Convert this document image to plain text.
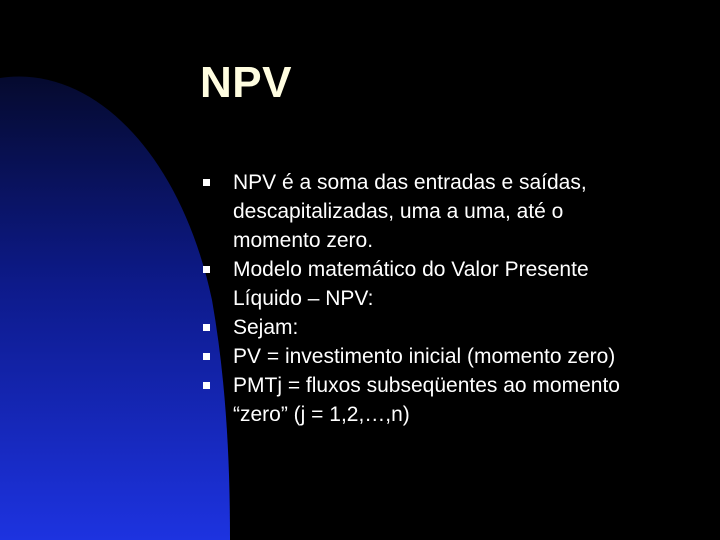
NPV
NPV é a soma das entradas e saídas,
descapitalizadas, uma a uma, até o
momento zero.
Modelo matemático do Valor Presente
Líquido – NPV:
Sejam:
PV = investimento inicial (momento zero)
PMTj = fluxos subseqüentes ao momento
“zero” (j = 1,2,…,n)
